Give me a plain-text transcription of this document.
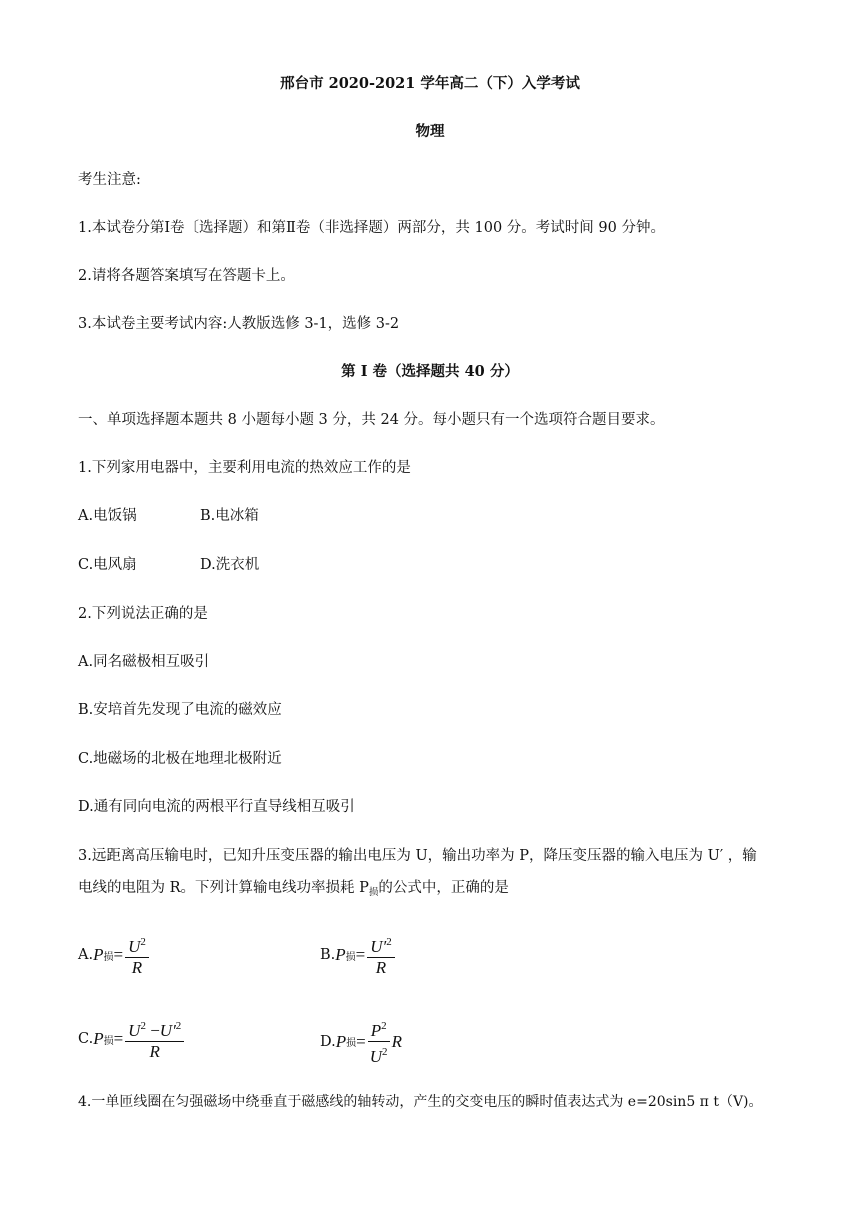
邢台市 2020-2021 学年高二（下）入学考试
物理
考生注意:
1.本试卷分第Ⅰ卷〔选择题）和第Ⅱ卷（非选择题）两部分，共 100 分。考试时间 90 分钟。
2.请将各题答案填写在答题卡上。
3.本试卷主要考试内容:人教版选修 3-1，选修 3-2
第 I 卷（选择题共 40 分）
一、单项选择题本题共 8 小题每小题 3 分，共 24 分。每小题只有一个选项符合题目要求。
1.下列家用电器中，主要利用电流的热效应工作的是
A.电饭锅	B.电冰箱
C.电风扇	D.洗衣机
2.下列说法正确的是
A.同名磁极相互吸引
B.安培首先发现了电流的磁效应
C.地磁场的北极在地理北极附近
D.通有同向电流的两根平行直导线相互吸引
3.远距离高压输电时，已知升压变压器的输出电压为 U，输出功率为 P，降压变压器的输入电压为 U′ ，输
电线的电阻为 R。下列计算输电线功率损耗 $P_损$的公式中，正确的是
A. P 损 = $\frac{U^2}{R}$	B. P 损 = $\frac{U'^2}{R}$
C. P 损 = $\frac{U^2 -U'^2}{R}$	D. P 损 = $\frac{P^2}{U^2}$ R
4.一单匝线圈在匀强磁场中绕垂直于磁感线的轴转动，产生的交变电压的瞬时值表达式为 e=20sin5 π t（V)。
